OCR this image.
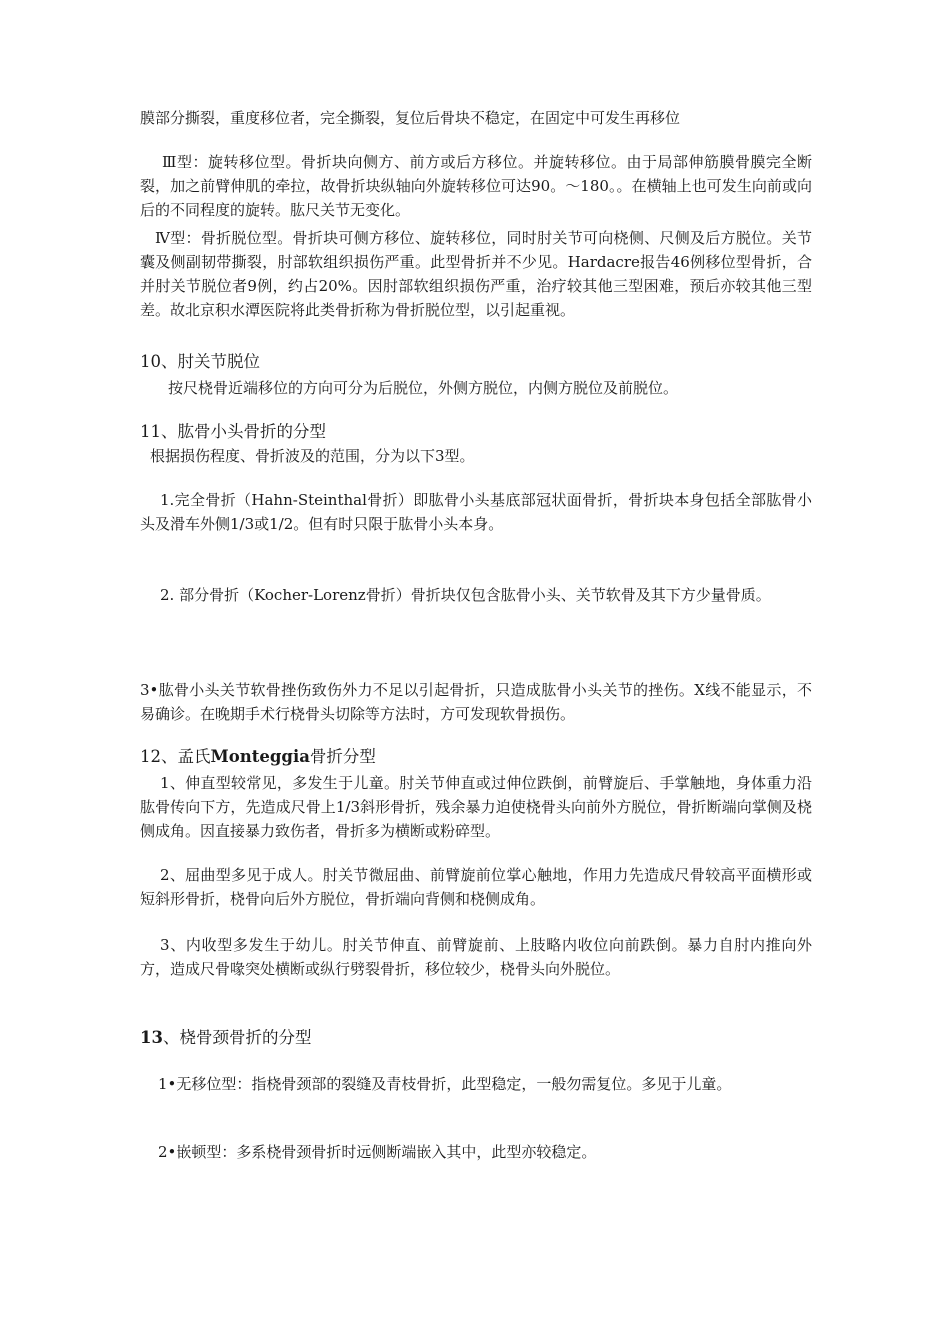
膜部分撕裂，重度移位者，完全撕裂，复位后骨块不稳定，在固定中可发生再移位
Ⅲ型：旋转移位型。骨折块向侧方、前方或后方移位。并旋转移位。由于局部伸筋膜骨膜完全断裂，加之前臂伸肌的牵拉，故骨折块纵轴向外旋转移位可达90。〜180。。在横轴上也可发生向前或向后的不同程度的旋转。肱尺关节无变化。
Ⅳ型：骨折脱位型。骨折块可侧方移位、旋转移位，同时肘关节可向桡侧、尺侧及后方脱位。关节囊及侧副韧带撕裂，肘部软组织损伤严重。此型骨折并不少见。Hardacre报告46例移位型骨折，合并肘关节脱位者9例，约占20%。因肘部软组织损伤严重，治疗较其他三型困难，预后亦较其他三型差。故北京积水潭医院将此类骨折称为骨折脱位型，以引起重视。
10、肘关节脱位
按尺桡骨近端移位的方向可分为后脱位，外侧方脱位，内侧方脱位及前脱位。
11、肱骨小头骨折的分型
根据损伤程度、骨折波及的范围，分为以下3型。
1.完全骨折（Hahn-Steinthal骨折）即肱骨小头基底部冠状面骨折，骨折块本身包括全部肱骨小头及滑车外侧1/3或1/2。但有时只限于肱骨小头本身。
2. 部分骨折（Kocher-Lorenz骨折）骨折块仅包含肱骨小头、关节软骨及其下方少量骨质。
3•肱骨小头关节软骨挫伤致伤外力不足以引起骨折，只造成肱骨小头关节的挫伤。X线不能显示，不易确诊。在晚期手术行桡骨头切除等方法时，方可发现软骨损伤。
12、孟氏Monteggia骨折分型
1、伸直型较常见，多发生于儿童。肘关节伸直或过伸位跌倒，前臂旋后、手掌触地，身体重力沿肱骨传向下方，先造成尺骨上1/3斜形骨折，残余暴力迫使桡骨头向前外方脱位，骨折断端向掌侧及桡侧成角。因直接暴力致伤者，骨折多为横断或粉碎型。
2、屈曲型多见于成人。肘关节微屈曲、前臂旋前位掌心触地，作用力先造成尺骨较高平面横形或短斜形骨折，桡骨向后外方脱位，骨折端向背侧和桡侧成角。
3、内收型多发生于幼儿。肘关节伸直、前臂旋前、上肢略内收位向前跌倒。暴力自肘内推向外方，造成尺骨喙突处横断或纵行劈裂骨折，移位较少，桡骨头向外脱位。
13、桡骨颈骨折的分型
1•无移位型：指桡骨颈部的裂缝及青枝骨折，此型稳定，一般勿需复位。多见于儿童。
2•嵌顿型：多系桡骨颈骨折时远侧断端嵌入其中，此型亦较稳定。
